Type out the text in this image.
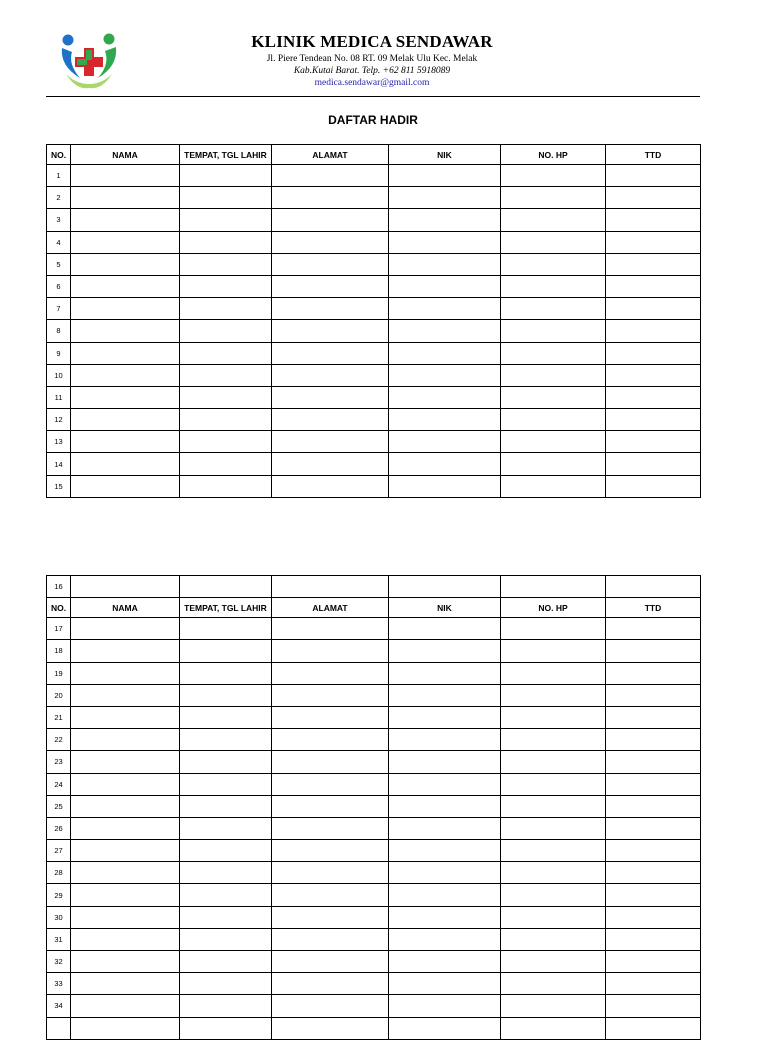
KLINIK MEDICA SENDAWAR
Jl. Piere Tendean No. 08 RT. 09 Melak Ulu Kec. Melak
Kab.Kutai Barat. Telp. +62 811 5918089
medica.sendawar@gmail.com
DAFTAR HADIR
NO.	NAMA	TEMPAT, TGL LAHIR	ALAMAT	NIK	NO. HP	TTD
1						
2						
3						
4						
5						
6						
7						
8						
9						
10						
11						
12						
13						
14						
15						
16						
NO.	NAMA	TEMPAT, TGL LAHIR	ALAMAT	NIK	NO. HP	TTD
17						
18						
19						
20						
21						
22						
23						
24						
25						
26						
27						
28						
29						
30						
31						
32						
33						
34						
